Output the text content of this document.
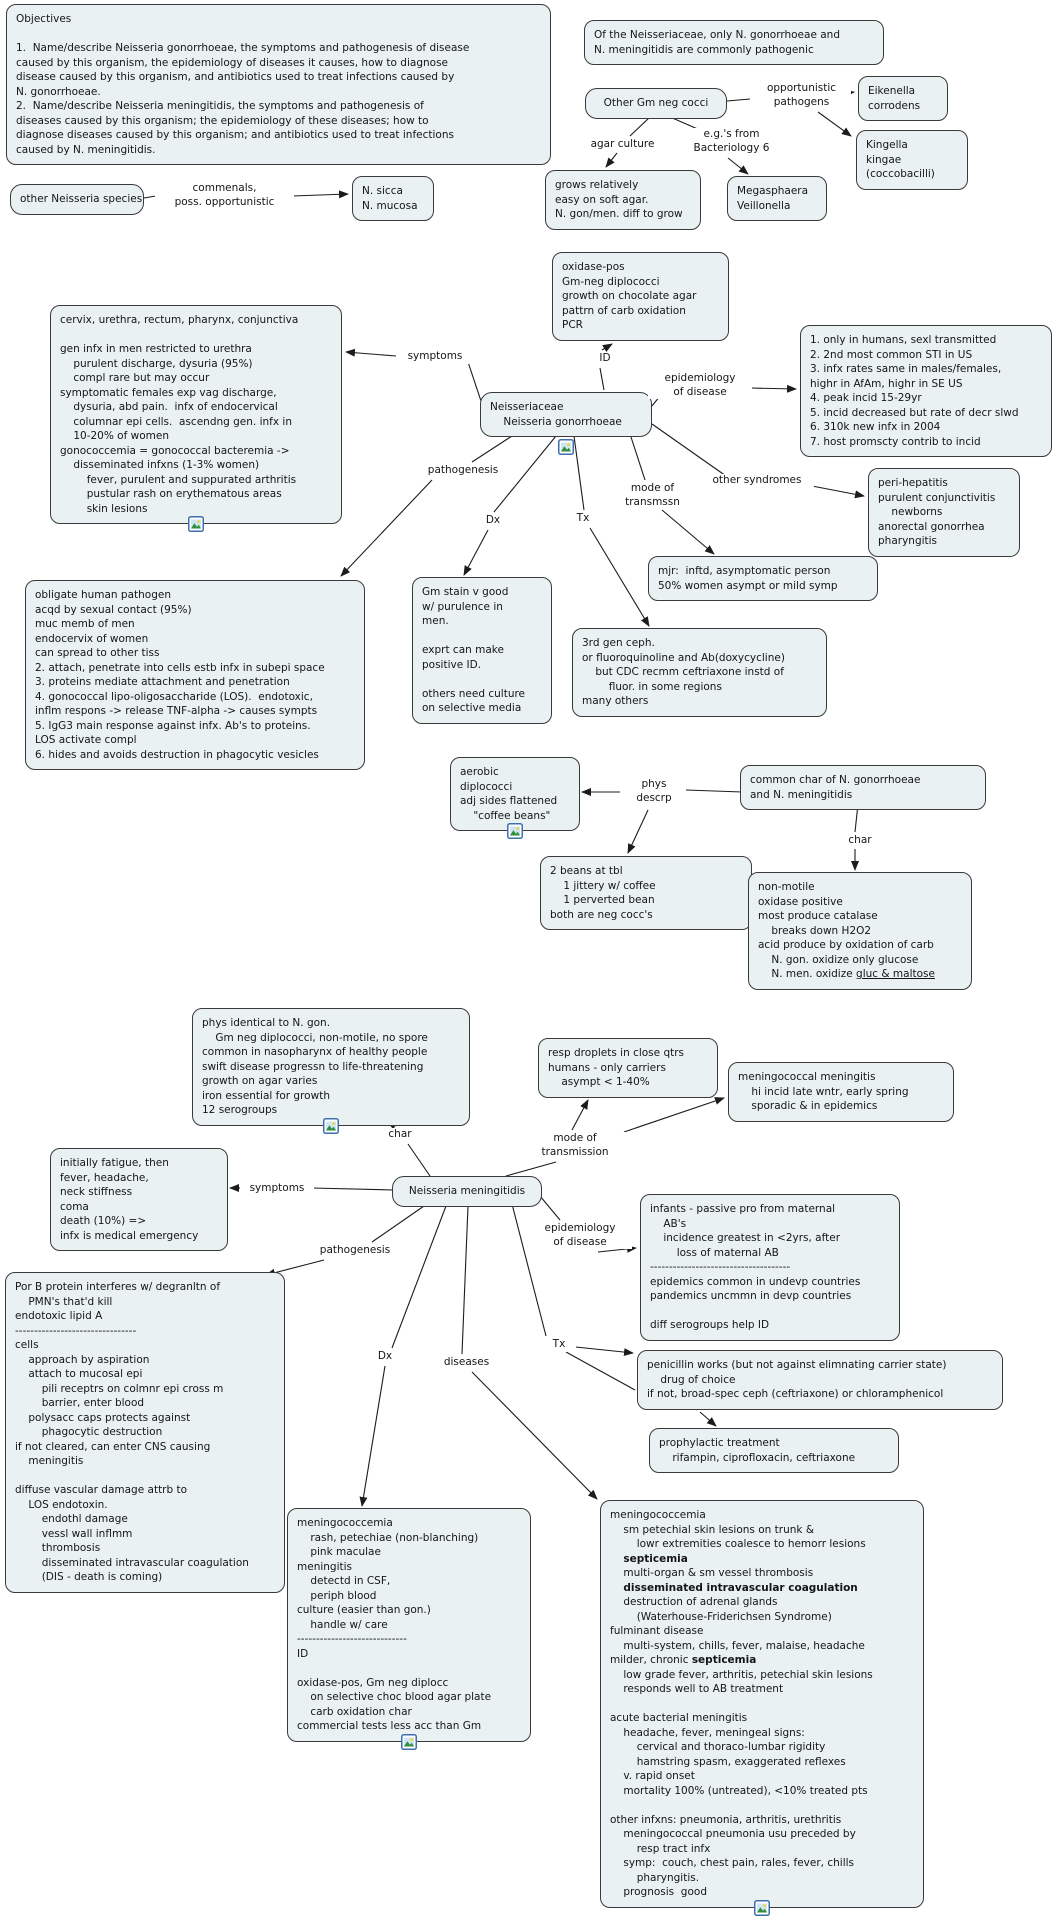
Objectives

1.  Name/describe Neisseria gonorrhoeae, the symptoms and pathogenesis of disease
caused by this organism, the epidemiology of diseases it causes, how to diagnose
disease caused by this organism, and antibiotics used to treat infections caused by
N. gonorrhoeae.
2.  Name/describe Neisseria meningitidis, the symptoms and pathogenesis of
diseases caused by this organism; the epidemiology of these diseases; how to
diagnose diseases caused by this organism; and antibiotics used to treat infections
caused by N. meningitidis.
Of the Neisseriaceae, only N. gonorrhoeae and
N. meningitidis are commonly pathogenic
Other Gm neg cocci
Eikenella
corrodens
Kingella
kingae
(coccobacilli)
grows relatively
easy on soft agar.
N. gon/men. diff to grow
Megasphaera
Veillonella
other Neisseria species
N. sicca
N. mucosa
oxidase-pos
Gm-neg diplococci
growth on chocolate agar
pattrn of carb oxidation
PCR
cervix, urethra, rectum, pharynx, conjunctiva

gen infx in men restricted to urethra
purulent discharge, dysuria (95%)
compl rare but may occur
symptomatic females exp vag discharge,
dysuria, abd pain.  infx of endocervical
columnar epi cells.  ascendng gen. infx in
10-20% of women
gonococcemia = gonococcal bacteremia ->
disseminated infxns (1-3% women)
fever, purulent and suppurated arthritis
pustular rash on erythematous areas
skin lesions
1. only in humans, sexl transmitted
2. 2nd most common STI in US
3. infx rates same in males/females,
highr in AfAm, highr in SE US
4. peak incid 15-29yr
5. incid decreased but rate of decr slwd
6. 310k new infx in 2004
7. host promscty contrib to incid
Neisseriaceae
Neisseria gonorrhoeae
obligate human pathogen
acqd by sexual contact (95%)
muc memb of men
endocervix of women
can spread to other tiss
2. attach, penetrate into cells estb infx in subepi space
3. proteins mediate attachment and penetration
4. gonococcal lipo-oligosaccharide (LOS).  endotoxic,
inflm respons -> release TNF-alpha -> causes sympts
5. IgG3 main response against infx. Ab's to proteins.
LOS activate compl
6. hides and avoids destruction in phagocytic vesicles
Gm stain v good
w/ purulence in
men.

exprt can make
positive ID.

others need culture
on selective media
3rd gen ceph.
or fluoroquinoline and Ab(doxycycline)
but CDC recmm ceftriaxone instd of
fluor. in some regions
many others
mjr:  inftd, asymptomatic person
50% women asympt or mild symp
peri-hepatitis
purulent conjunctivitis
newborns
anorectal gonorrhea
pharyngitis
aerobic
diplococci
adj sides flattened
"coffee beans"
common char of N. gonorrhoeae
and N. meningitidis
2 beans at tbl
1 jittery w/ coffee
1 perverted bean
both are neg cocc's
non-motile
oxidase positive
most produce catalase
breaks down H2O2
acid produce by oxidation of carb
N. gon. oxidize only glucose
N. men. oxidize gluc & maltose
phys identical to N. gon.
Gm neg diplococci, non-motile, no spore
common in nasopharynx of healthy people
swift disease progressn to life-threatening
growth on agar varies
iron essential for growth
12 serogroups
resp droplets in close qtrs
humans - only carriers
asympt < 1-40%	meningococcal meningitis
hi incid late wntr, early spring
sporadic & in epidemics
initially fatigue, then
fever, headache,
neck stiffness
coma
death (10%) =>
infx is medical emergency
Neisseria meningitidis
infants - passive pro from maternal
AB's
incidence greatest in <2yrs, after
loss of maternal AB
-------------------------------------
epidemics common in undevp countries
pandemics uncmmn in devp countries

diff serogroups help ID
Por B protein interferes w/ degranltn of
PMN's that'd kill
endotoxic lipid A
--------------------------------
cells
approach by aspiration
attach to mucosal epi
pili receptrs on colmnr epi cross m
barrier, enter blood
polysacc caps protects against
phagocytic destruction
if not cleared, can enter CNS causing
meningitis

diffuse vascular damage attrb to
LOS endotoxin.
endothl damage
vessl wall inflmm
thrombosis
disseminated intravascular coagulation
(DIS - death is coming)
penicillin works (but not against elimnating carrier state)
drug of choice
if not, broad-spec ceph (ceftriaxone) or chloramphenicol
prophylactic treatment
rifampin, ciprofloxacin, ceftriaxone
meningococcemia
rash, petechiae (non-blanching)
pink maculae
meningitis
detectd in CSF,
periph blood
culture (easier than gon.)
handle w/ care
-----------------------------
ID

oxidase-pos, Gm neg diplocc
on selective choc blood agar plate
carb oxidation char
commercial tests less acc than Gm
meningococcemia
sm petechial skin lesions on trunk &
lowr extremities coalesce to hemorr lesions
septicemia
multi-organ & sm vessel thrombosis
disseminated intravascular coagulation
destruction of adrenal glands
(Waterhouse-Friderichsen Syndrome)
fulminant disease
multi-system, chills, fever, malaise, headache
milder, chronic septicemia
low grade fever, arthritis, petechial skin lesions
responds well to AB treatment

acute bacterial meningitis
headache, fever, meningeal signs:
cervical and thoraco-lumbar rigidity
hamstring spasm, exaggerated reflexes
v. rapid onset
mortality 100% (untreated), <10% treated pts

other infxns: pneumonia, arthritis, urethritis
meningococcal pneumonia usu preceded by
resp tract infx
symp:  couch, chest pain, rales, fever, chills
pharyngitis.
prognosis  good
opportunistic
pathogens
agar culture
e.g.'s from
Bacteriology 6
commenals,
poss. opportunistic
symptoms	ID
epidemiology
of disease
pathogenesis
Dx	Tx
mode of
transmssn
other syndromes
phys
descrp
char
char	mode of
transmission
symptoms
pathogenesis
epidemiology
of disease
Dx	diseases
Tx
